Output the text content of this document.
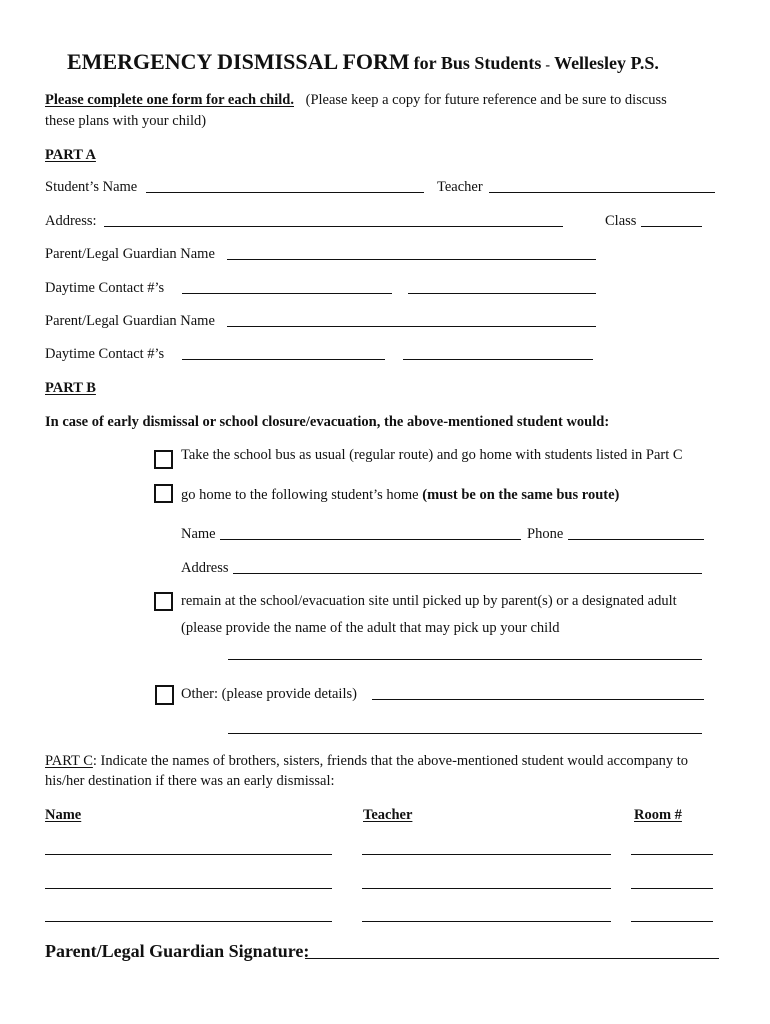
EMERGENCY DISMISSAL FORM for Bus Students - Wellesley P.S.
Please complete one form for each child. (Please keep a copy for future reference and be sure to discuss
these plans with your child)
PART A
Student’s Name	Teacher
Address:	Class
Parent/Legal Guardian Name
Daytime Contact #’s
Parent/Legal Guardian Name
Daytime Contact #’s
PART B
In case of early dismissal or school closure/evacuation, the above-mentioned student would:
Take the school bus as usual (regular route) and go home with students listed in Part C
go home to the following student’s home (must be on the same bus route)
Name	Phone
Address
remain at the school/evacuation site until picked up by parent(s) or a designated adult
(please provide the name of the adult that may pick up your child
Other: (please provide details)
PART C: Indicate the names of brothers, sisters, friends that the above-mentioned student would accompany to
his/her destination if there was an early dismissal:
Name	Teacher	Room #
Parent/Legal Guardian Signature:
